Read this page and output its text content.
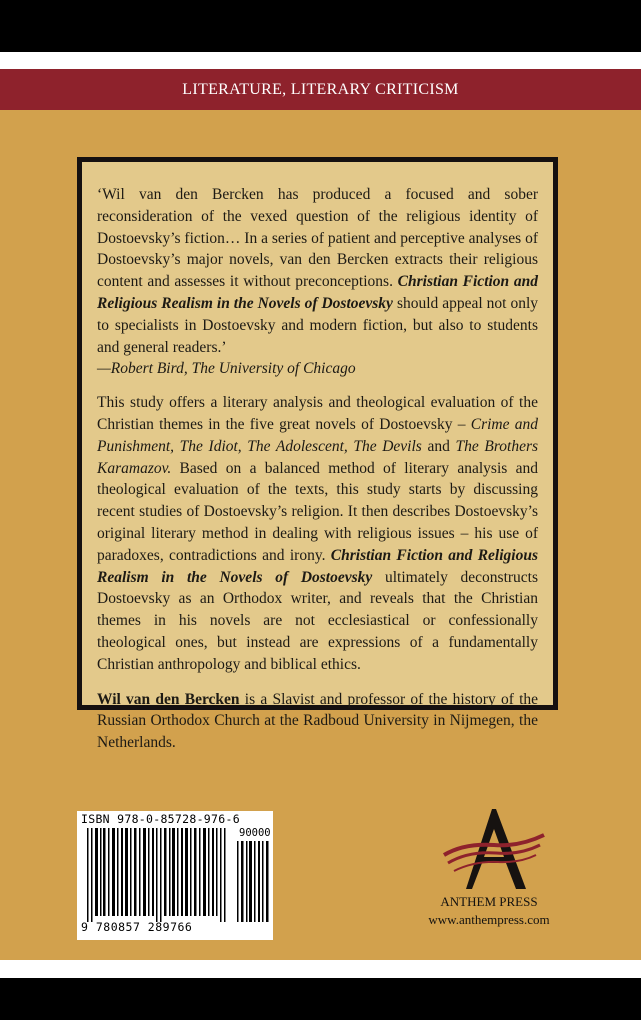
LITERATURE, LITERARY CRITICISM

‘Wil van den Bercken has produced a focused and sober reconsideration of the vexed question of the religious identity of Dostoevsky’s fiction… In a series of patient and perceptive analyses of Dostoevsky’s major novels, van den Bercken extracts their religious content and assesses it without preconceptions. Christian Fiction and Religious Realism in the Novels of Dostoevsky should appeal not only to specialists in Dostoevsky and modern fiction, but also to students and general readers.’
—Robert Bird, The University of Chicago

This study offers a literary analysis and theological evaluation of the Christian themes in the five great novels of Dostoevsky – Crime and Punishment, The Idiot, The Adolescent, The Devils and The Brothers Karamazov. Based on a balanced method of literary analysis and theological evaluation of the texts, this study starts by discussing recent studies of Dostoevsky’s religion. It then describes Dostoevsky’s original literary method in dealing with religious issues – his use of paradoxes, contradictions and irony. Christian Fiction and Religious Realism in the Novels of Dostoevsky ultimately deconstructs Dostoevsky as an Orthodox writer, and reveals that the Christian themes in his novels are not ecclesiastical or confessionally theological ones, but instead are expressions of a fundamentally Christian anthropology and biblical ethics.

Wil van den Bercken is a Slavist and professor of the history of the Russian Orthodox Church at the Radboud University in Nijmegen, the Netherlands.

ISBN 978-0-85728-976-6
90000
9 780857 289766
ANTHEM PRESS
www.anthempress.com
